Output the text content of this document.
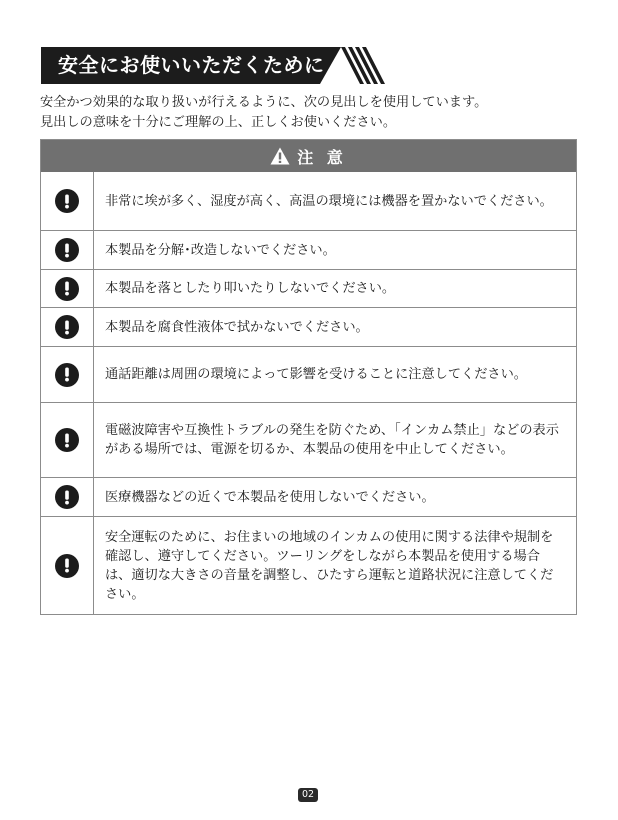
安全にお使いいただくために

安全かつ効果的な取り扱いが行えるように、次の見出しを使用しています。

見出しの意味を十分にご理解の上、正しくお使いください。

注 意
非常に埃が多く、湿度が高く、高温の環境には機器を置かないでください。
本製品を分解･改造しないでください。
本製品を落としたり叩いたりしないでください。
本製品を腐食性液体で拭かないでください。
通話距離は周囲の環境によって影響を受けることに注意してください。
電磁波障害や互換性トラブルの発生を防ぐため、「インカム禁止」などの表示がある場所では、電源を切るか、本製品の使用を中止してください。
医療機器などの近くで本製品を使用しないでください。
安全運転のために、お住まいの地域のインカムの使用に関する法律や規制を確認し、遵守してください。ツーリングをしながら本製品を使用する場合は、適切な大きさの音量を調整し、ひたすら運転と道路状況に注意してください。
02
